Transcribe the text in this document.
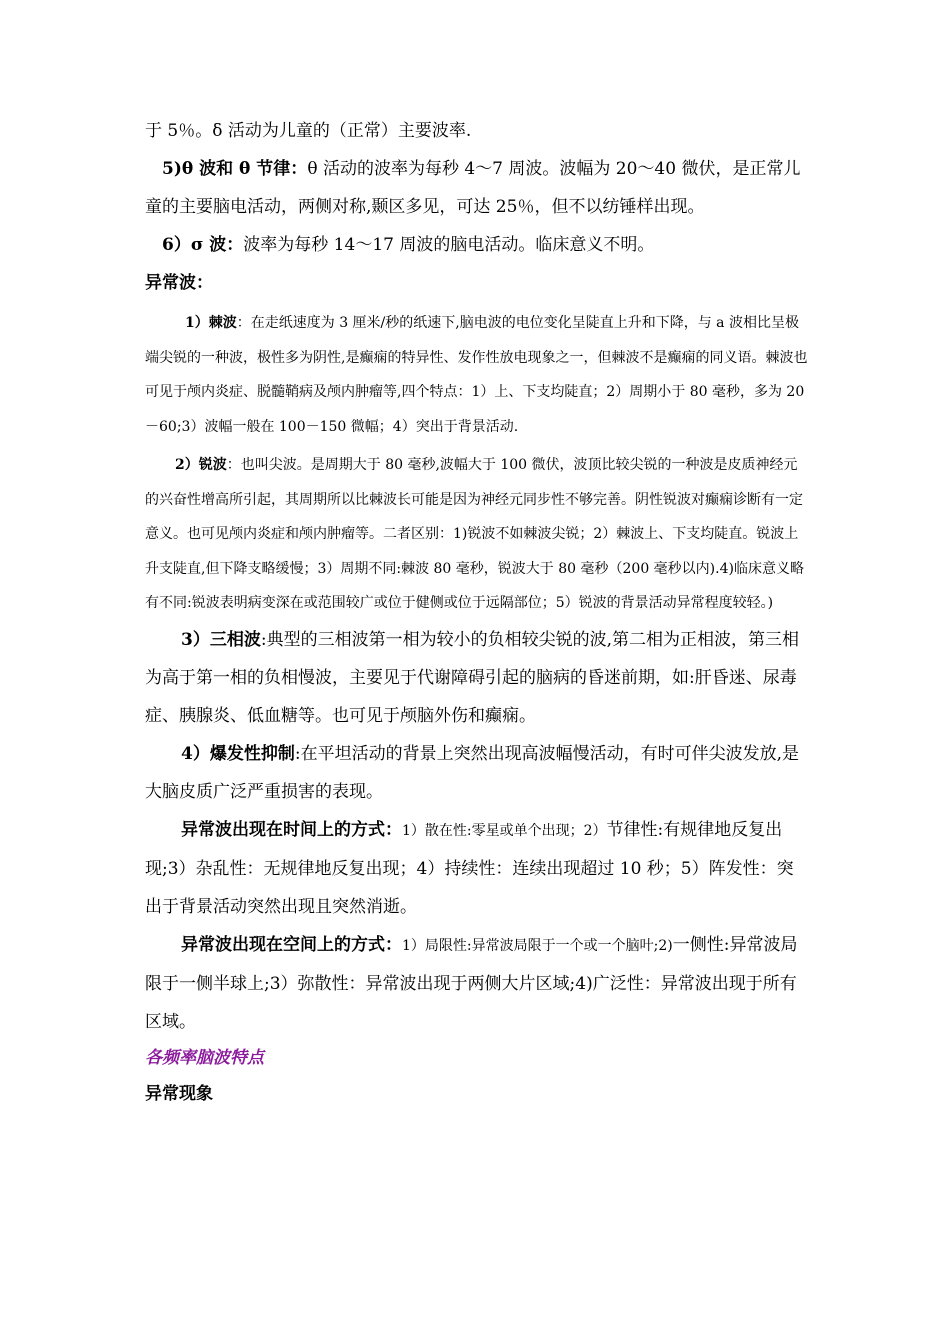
于 5％。δ 活动为儿童的（正常）主要波率.

5)θ 波和 θ 节律：θ 活动的波率为每秒 4～7 周波。波幅为 20～40 微伏，是正常儿童的主要脑电活动，两侧对称,颞区多见，可达 25％，但不以纺锤样出现。

6）σ 波：波率为每秒 14～17 周波的脑电活动。临床意义不明。

异常波：

1）棘波：在走纸速度为 3 厘米/秒的纸速下,脑电波的电位变化呈陡直上升和下降，与 a 波相比呈极端尖锐的一种波，极性多为阴性,是癫痫的特异性、发作性放电现象之一，但棘波不是癫痫的同义语。棘波也可见于颅内炎症、脱髓鞘病及颅内肿瘤等,四个特点：1）上、下支均陡直；2）周期小于 80 毫秒，多为 20－60;3）波幅一般在 100－150 微幅；4）突出于背景活动.

2）锐波：也叫尖波。是周期大于 80 毫秒,波幅大于 100 微伏，波顶比较尖锐的一种波是皮质神经元的兴奋性增高所引起，其周期所以比棘波长可能是因为神经元同步性不够完善。阴性锐波对癫痫诊断有一定意义。也可见颅内炎症和颅内肿瘤等。二者区别：1)锐波不如棘波尖锐；2）棘波上、下支均陡直。锐波上升支陡直,但下降支略缓慢；3）周期不同:棘波 80 毫秒，锐波大于 80 毫秒（200 毫秒以内).4)临床意义略有不同:锐波表明病变深在或范围较广或位于健侧或位于远隔部位；5）锐波的背景活动异常程度较轻。)

3）三相波:典型的三相波第一相为较小的负相较尖锐的波,第二相为正相波，第三相为高于第一相的负相慢波，主要见于代谢障碍引起的脑病的昏迷前期，如:肝昏迷、尿毒症、胰腺炎、低血糖等。也可见于颅脑外伤和癫痫。

4）爆发性抑制:在平坦活动的背景上突然出现高波幅慢活动，有时可伴尖波发放,是大脑皮质广泛严重损害的表现。

异常波出现在时间上的方式：1）散在性:零星或单个出现；2）节律性:有规律地反复出现;3）杂乱性：无规律地反复出现；4）持续性：连续出现超过 10 秒；5）阵发性：突出于背景活动突然出现且突然消逝。

异常波出现在空间上的方式：1）局限性:异常波局限于一个或一个脑叶;2)一侧性:异常波局限于一侧半球上;3）弥散性：异常波出现于两侧大片区域;4)广泛性：异常波出现于所有区域。

各频率脑波特点

异常现象
